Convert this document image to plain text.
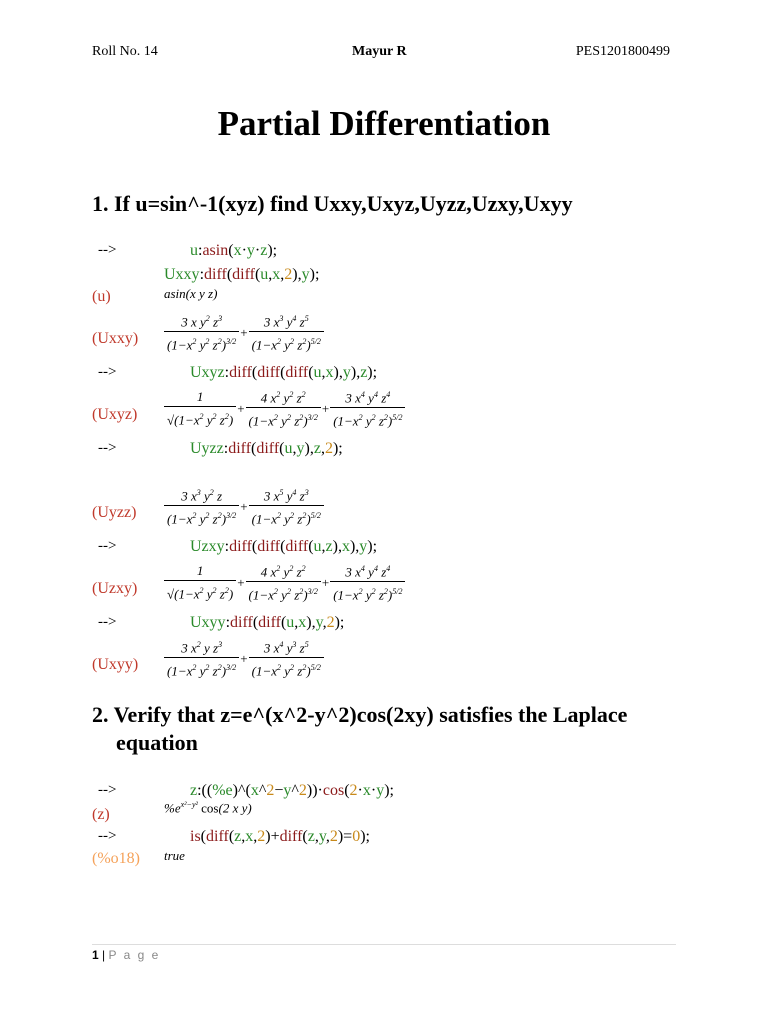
Roll No. 14	Mayur R	PES1201800499
Partial Differentiation
1. If u=sin^-1(xyz) find Uxxy,Uxyz,Uyzz,Uzxy,Uxyy
-->	u:asin(x·y·z);
Uxxy:diff(diff(u,x,2),y);
(u)	asin(x y z)
(Uxxy) $\frac{3 x y^2 z^3}{(1-x^2 y^2 z^2)^{3/2}} + \frac{3 x^3 y^4 z^5}{(1-x^2 y^2 z^2)^{5/2}}$
-->	Uxyz:diff(diff(diff(u,x),y),z);
(Uxyz) $\frac{1}{√(1-x^2 y^2 z^2)} + \frac{4 x^2 y^2 z^2}{(1-x^2 y^2 z^2)^{3/2}} + \frac{3 x^4 y^4 z^4}{(1-x^2 y^2 z^2)^{5/2}}$
-->	Uyzz:diff(diff(u,y),z,2);
(Uyzz) $\frac{3 x^3 y^2 z}{(1-x^2 y^2 z^2)^{3/2}} + \frac{3 x^5 y^4 z^3}{(1-x^2 y^2 z^2)^{5/2}}$
-->	Uzxy:diff(diff(diff(u,z),x),y);
(Uzxy) $\frac{1}{√(1-x^2 y^2 z^2)} + \frac{4 x^2 y^2 z^2}{(1-x^2 y^2 z^2)^{3/2}} + \frac{3 x^4 y^4 z^4}{(1-x^2 y^2 z^2)^{5/2}}$
-->	Uxyy:diff(diff(u,x),y,2);
(Uxyy) $\frac{3 x^2 y z^3}{(1-x^2 y^2 z^2)^{3/2}} + \frac{3 x^4 y^3 z^5}{(1-x^2 y^2 z^2)^{5/2}}$
2. Verify that z=e^(x^2-y^2)cos(2xy) satisfies the Laplace
equation
-->	z:((%e)^(x^2−y^2))·cos(2·x·y);
(z)	$\%e^{x^2-y^2}$ cos(2 x y)
-->	is(diff(z,x,2)+diff(z,y,2)=0);
(%o18) true
1 | P a g e
